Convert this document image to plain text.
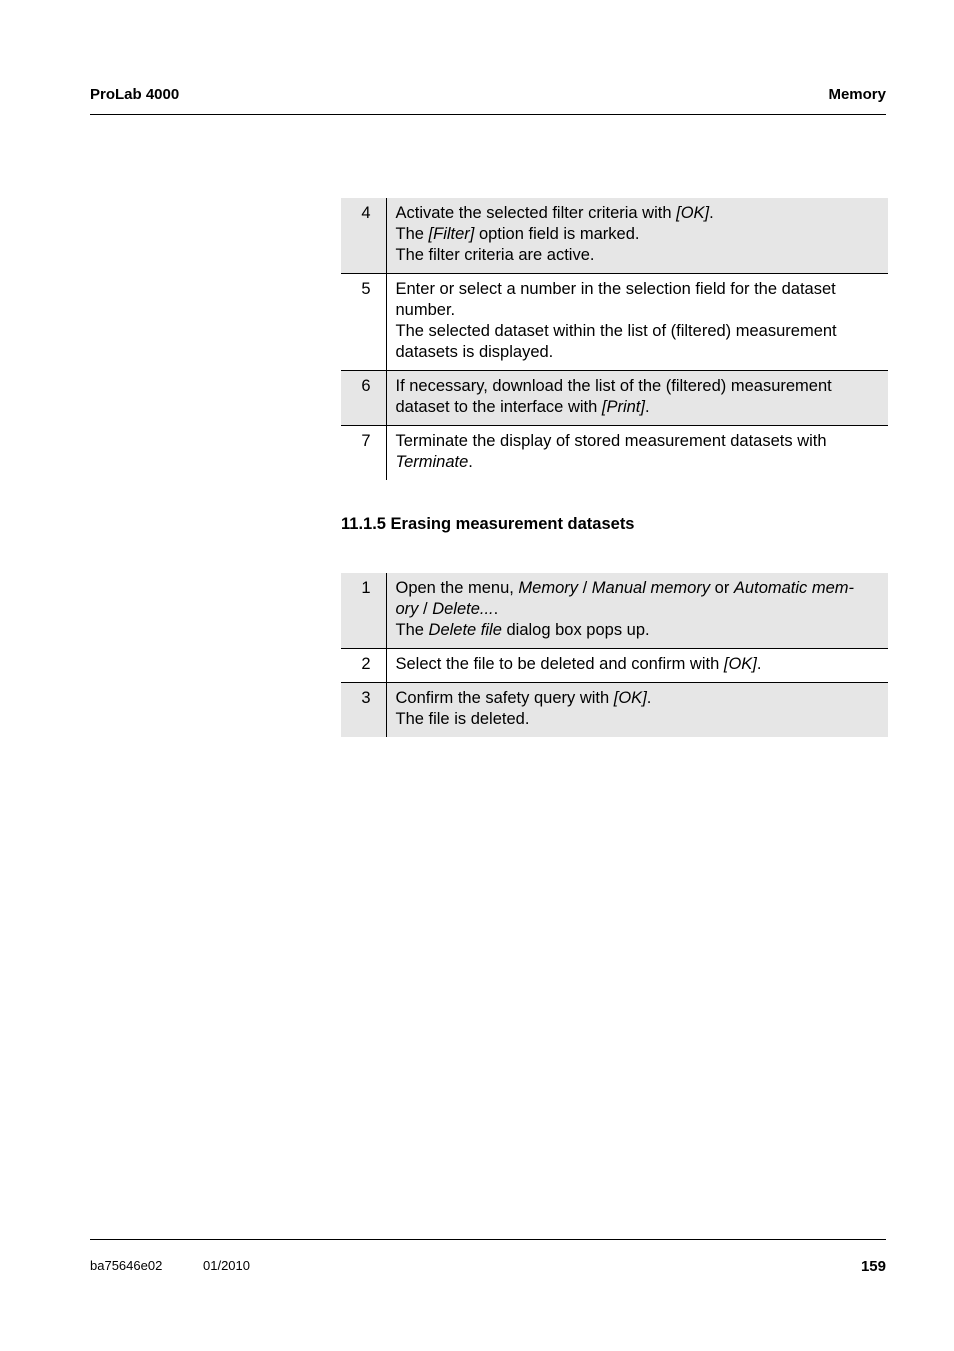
ProLab 4000	Memory
4	Activate the selected filter criteria with [OK].
The [Filter] option field is marked.
The filter criteria are active.

5	Enter or select a number in the selection field for the dataset
number.
The selected dataset within the list of (filtered) measurement
datasets is displayed.

6	If necessary, download the list of the (filtered) measurement
dataset to the interface with [Print].

7	Terminate the display of stored measurement datasets with
Terminate.
11.1.5 Erasing measurement datasets
1	Open the menu, Memory / Manual memory or Automatic mem-
ory / Delete....
The Delete file dialog box pops up.

2	Select the file to be deleted and confirm with [OK].

3	Confirm the safety query with [OK].
The file is deleted.
ba75646e02	01/2010	159
